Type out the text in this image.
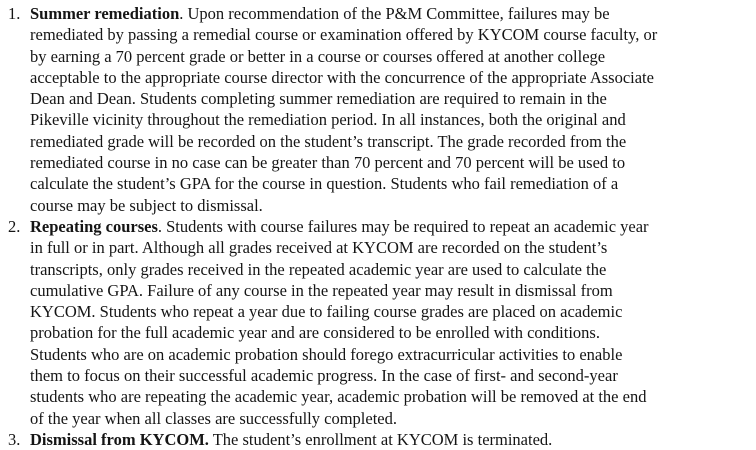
1. Summer remediation. Upon recommendation of the P&M Committee, failures may be
remediated by passing a remedial course or examination offered by KYCOM course faculty, or
by earning a 70 percent grade or better in a course or courses offered at another college
acceptable to the appropriate course director with the concurrence of the appropriate Associate
Dean and Dean. Students completing summer remediation are required to remain in the
Pikeville vicinity throughout the remediation period. In all instances, both the original and
remediated grade will be recorded on the student’s transcript. The grade recorded from the
remediated course in no case can be greater than 70 percent and 70 percent will be used to
calculate the student’s GPA for the course in question. Students who fail remediation of a
course may be subject to dismissal.
2. Repeating courses. Students with course failures may be required to repeat an academic year
in full or in part. Although all grades received at KYCOM are recorded on the student’s
transcripts, only grades received in the repeated academic year are used to calculate the
cumulative GPA. Failure of any course in the repeated year may result in dismissal from
KYCOM. Students who repeat a year due to failing course grades are placed on academic
probation for the full academic year and are considered to be enrolled with conditions.
Students who are on academic probation should forego extracurricular activities to enable
them to focus on their successful academic progress. In the case of first- and second-year
students who are repeating the academic year, academic probation will be removed at the end
of the year when all classes are successfully completed.
3. Dismissal from KYCOM. The student’s enrollment at KYCOM is terminated.
